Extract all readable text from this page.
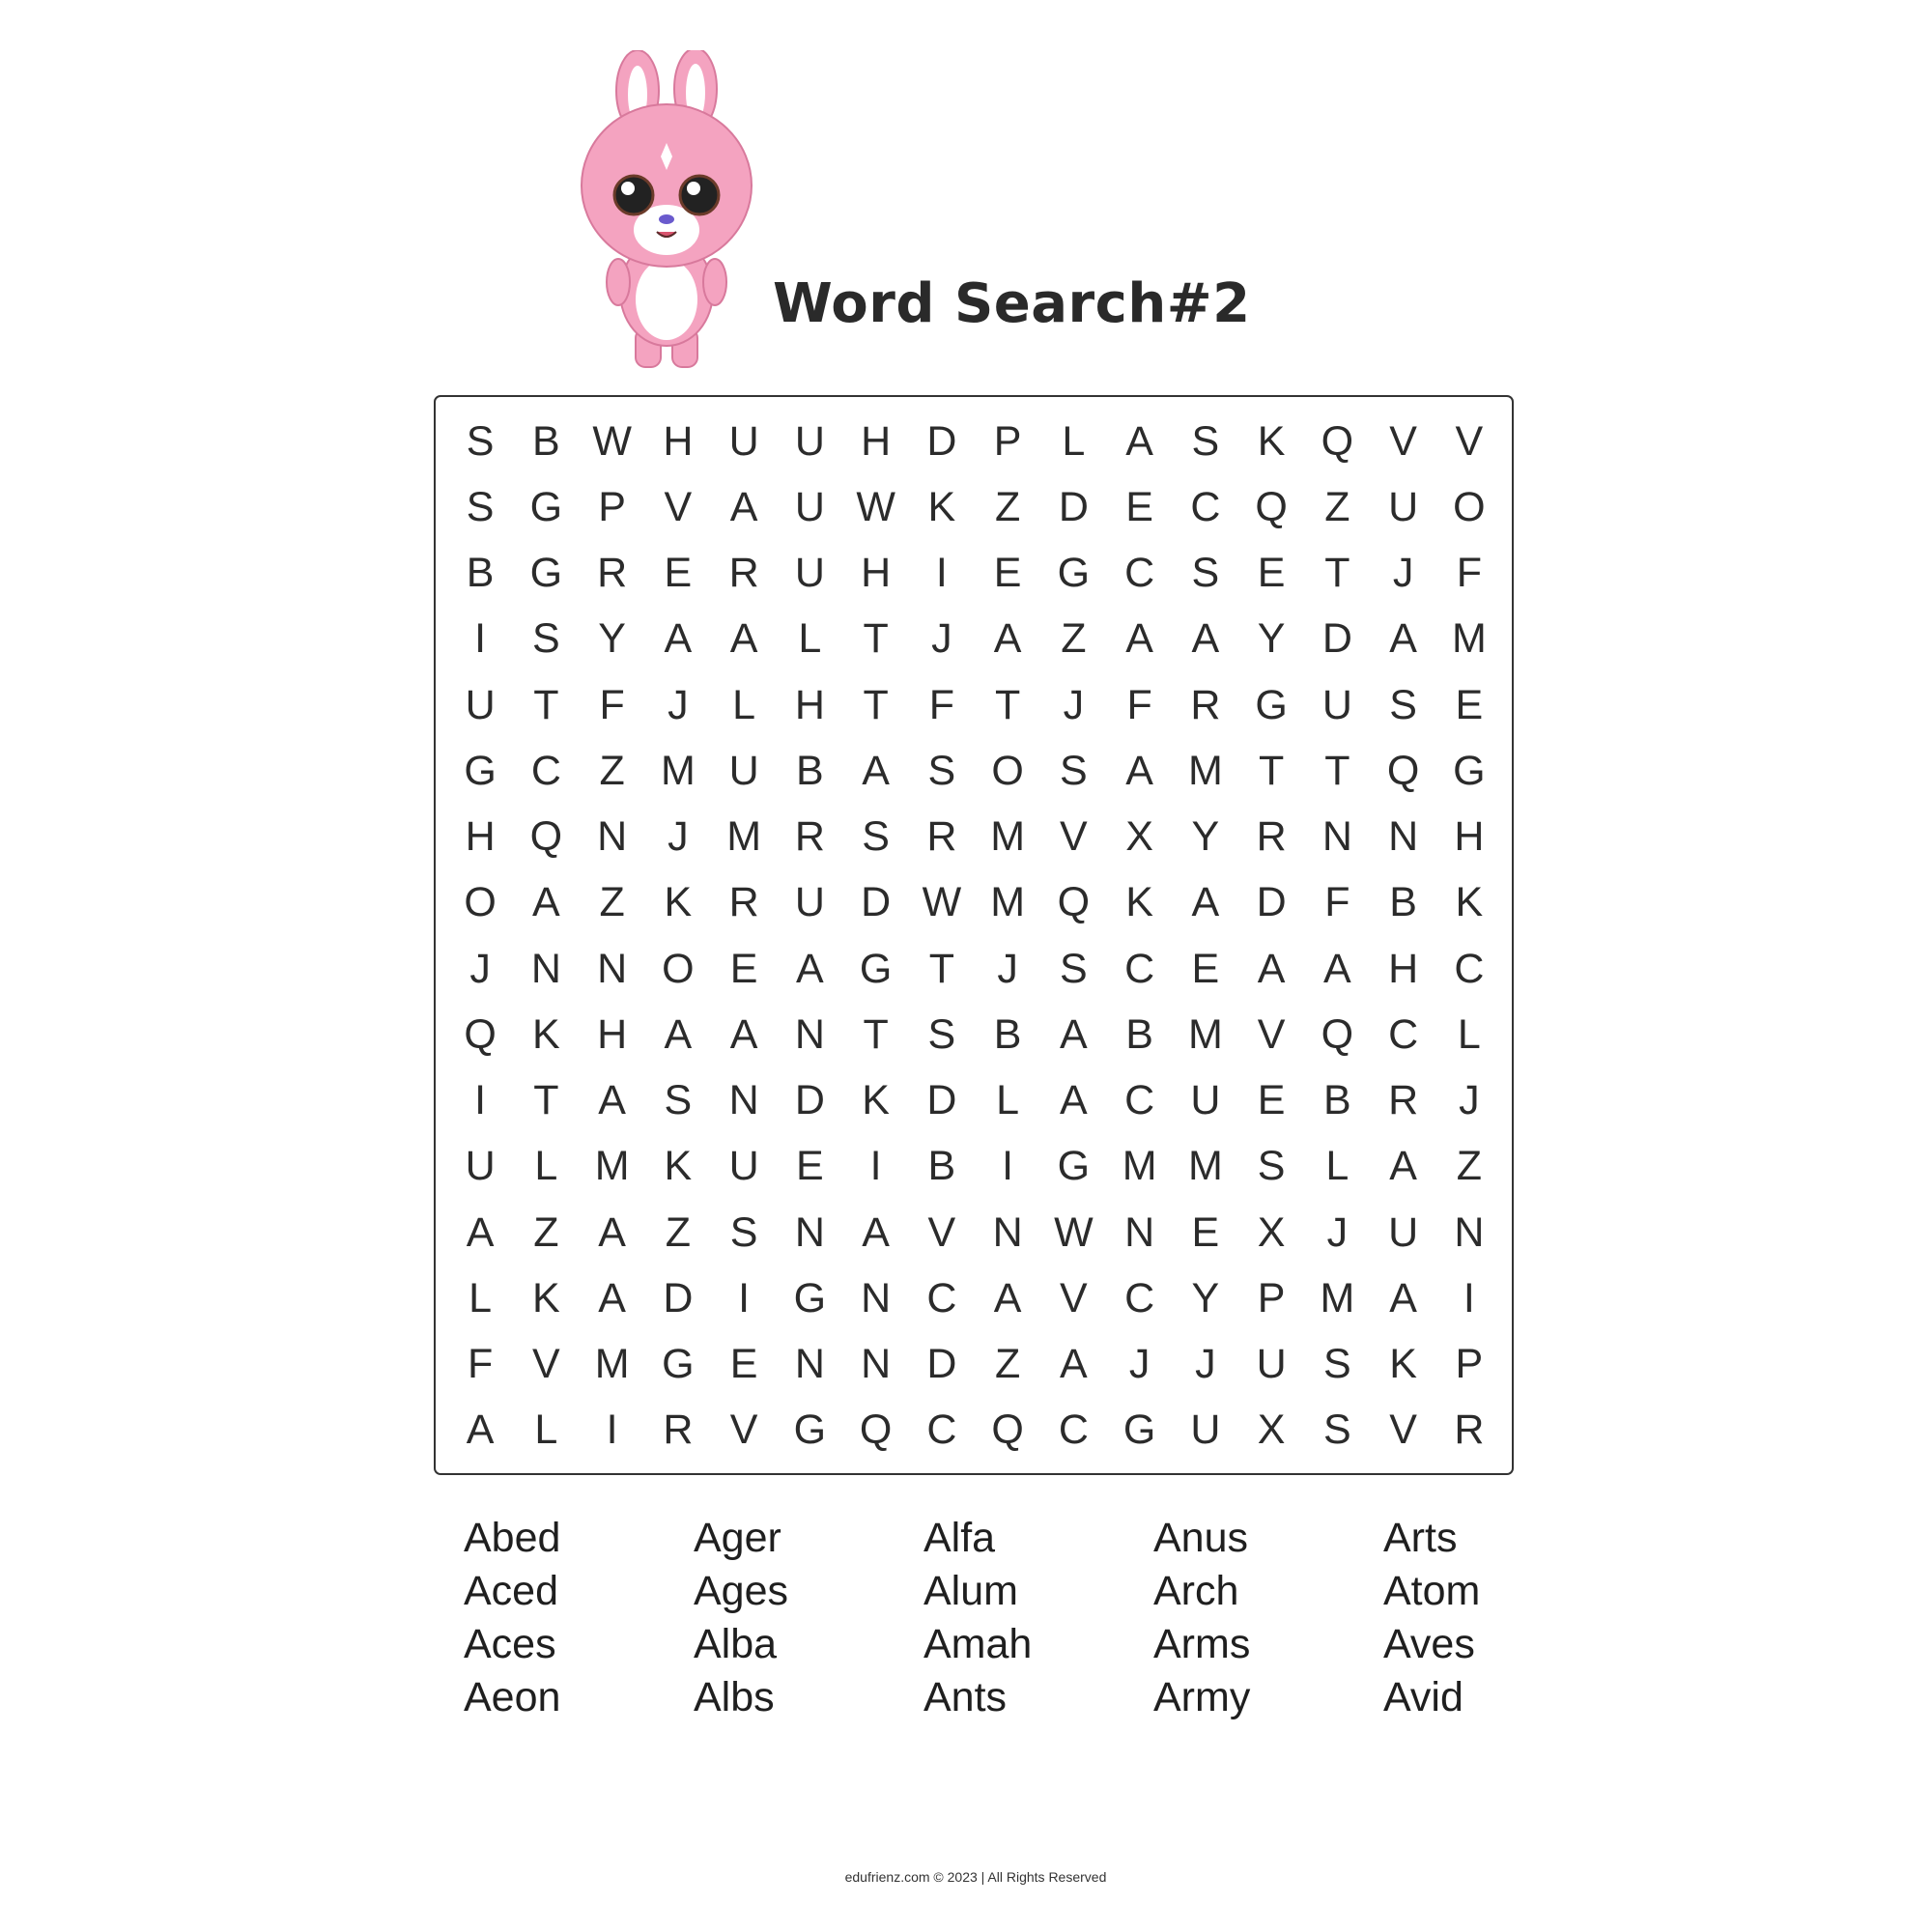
Word Search#2
S B W H U U H D P L A S K Q V V
S G P V A U W K Z D E C Q Z U O
B G R E R U H	I	E G C S E T	J	F
I	S Y A A L	T	J	A Z A A Y D A M
U T F	J	L H T F T	J	F R G U S E
G C Z M U B A S O S A M T T Q G
H Q N J M R S R M V X Y R N N H
O A Z K R U D W M Q K A D F B K
J N N O E A G T	J	S C E A A H C
Q K H A A N T S B A B M V Q C L
I	T A S N D K D L A C U E B R J
U L M K U E	I	B	I	G M M S L A Z
A Z A Z S N A V N W N E X	J U N
L K A D	I	G N C A V C Y P M A	I
F V M G E N N D Z A	J	J U S K P
A L	I	R V G Q C Q C G U X S V R
Abed
Aced
Aces
Aeon
Ager
Ages
Alba
Albs
Alfa
Alum
Amah
Ants
Anus
Arch
Arms
Army
Arts
Atom
Aves
Avid
edufrienz.com © 2023 | All Rights Reserved
